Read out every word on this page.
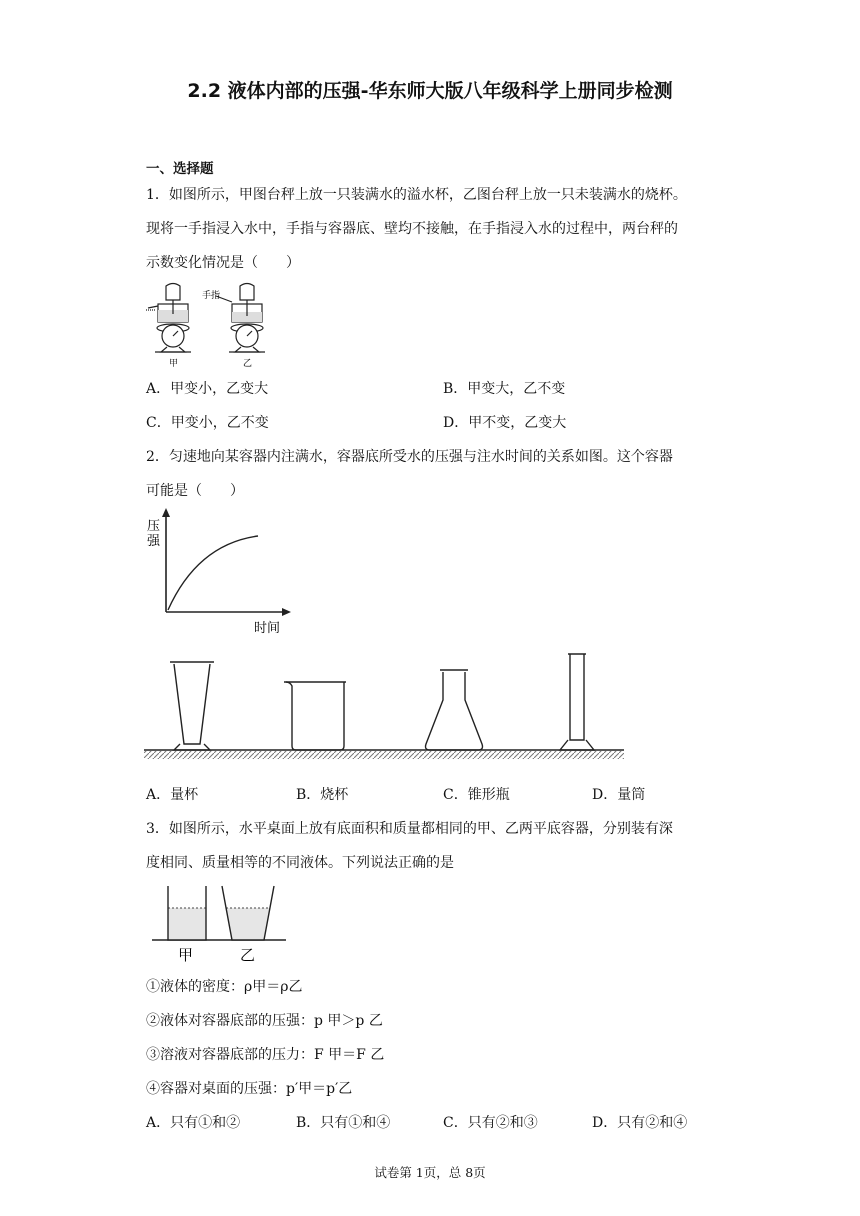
2.2 液体内部的压强-华东师大版八年级科学上册同步检测
一、选择题
1．如图所示，甲图台秤上放一只装满水的溢水杯，乙图台秤上放一只未装满水的烧杯。
现将一手指浸入水中，手指与容器底、壁均不接触，在手指浸入水的过程中，两台秤的
示数变化情况是（　　）
手指
甲	乙
A．甲变小，乙变大	B．甲变大，乙不变
C．甲变小，乙不变	D．甲不变，乙变大
2．匀速地向某容器内注满水，容器底所受水的压强与注水时间的关系如图。这个容器
可能是（　　）
压强
时间
A．量杯	B．烧杯	C．锥形瓶	D．量筒
3．如图所示，水平桌面上放有底面积和质量都相同的甲、乙两平底容器，分别装有深
度相同、质量相等的不同液体。下列说法正确的是
甲	乙
①液体的密度：ρ甲＝ρ乙
②液体对容器底部的压强：p 甲＞p 乙
③溶液对容器底部的压力：F 甲＝F 乙
④容器对桌面的压强：p′甲＝p′乙
A．只有①和②	B．只有①和④	C．只有②和③	D．只有②和④
试卷第 1页，总 8页
